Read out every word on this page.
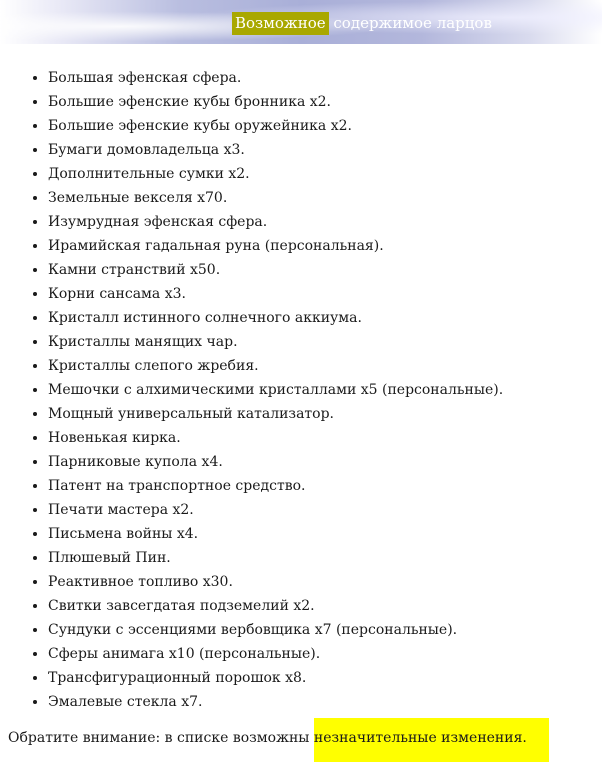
Возможное содержимое ларцов
• Большая эфенская сфера.
• Большие эфенские кубы бронника x2.
• Большие эфенские кубы оружейника x2.
• Бумаги домовладельца x3.
• Дополнительные сумки x2.
• Земельные векселя x70.
• Изумрудная эфенская сфера.
• Ирамийская гадальная руна (персональная).
• Камни странствий x50.
• Корни сансама x3.
• Кристалл истинного солнечного аккиума.
• Кристаллы манящих чар.
• Кристаллы слепого жребия.
• Мешочки с алхимическими кристаллами x5 (персональные).
• Мощный универсальный катализатор.
• Новенькая кирка.
• Парниковые купола x4.
• Патент на транспортное средство.
• Печати мастера x2.
• Письмена войны x4.
• Плюшевый Пин.
• Реактивное топливо x30.
• Свитки завсегдатая подземелий x2.
• Сундуки с эссенциями вербовщика x7 (персональные).
• Сферы анимага x10 (персональные).
• Трансфигурационный порошок x8.
• Эмалевые стекла x7.
Обратите внимание: в списке возможны незначительные изменения.
